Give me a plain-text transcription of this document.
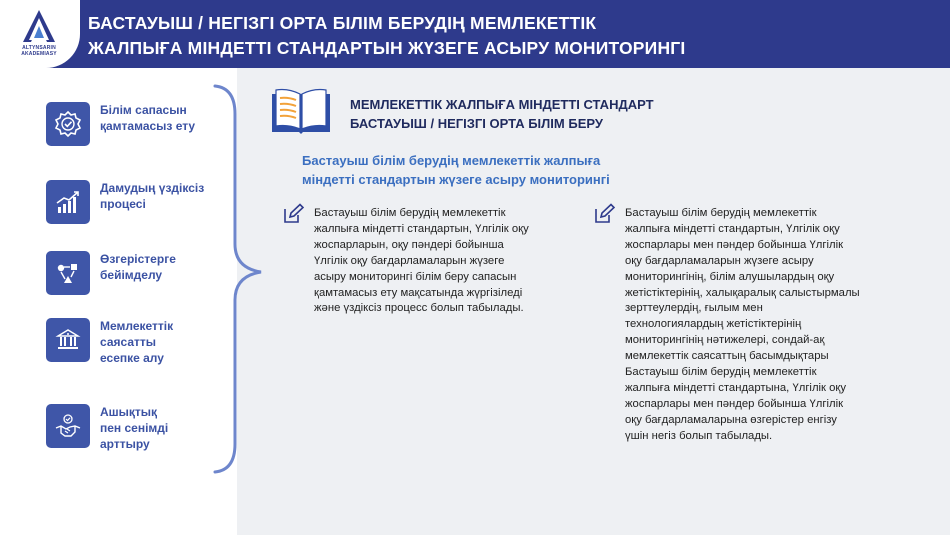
ALTYNSARIN
AKADEMIASY
БАСТАУЫШ / НЕГІЗГІ ОРТА БІЛІМ БЕРУДІҢ МЕМЛЕКЕТТІК
ЖАЛПЫҒА МІНДЕТТІ СТАНДАРТЫН ЖҮЗЕГЕ АСЫРУ МОНИТОРИНГІ
Білім сапасын
қамтамасыз ету
Дамудың үздіксіз
процесі
Өзгерістерге
бейімделу
Мемлекеттік
саясатты
есепке алу
Ашықтық
пен сенімді
арттыру
МЕМЛЕКЕТТІК ЖАЛПЫҒА МІНДЕТТІ СТАНДАРТ
БАСТАУЫШ / НЕГІЗГІ ОРТА БІЛІМ БЕРУ
Бастауыш білім берудің мемлекеттік жалпыға
міндетті стандартын жүзеге асыру мониторингі
Бастауыш білім берудің мемлекеттік
жалпыға міндетті стандартын, Үлгілік оқу
жоспарларын, оқу пәндері бойынша
Үлгілік оқу бағдарламаларын жүзеге
асыру мониторингі білім беру сапасын
қамтамасыз ету мақсатында жүргізіледі
және үздіксіз процесс болып табылады.
Бастауыш білім берудің мемлекеттік
жалпыға міндетті стандартын, Үлгілік оқу
жоспарлары мен пәндер бойынша Үлгілік
оқу бағдарламаларын жүзеге асыру
мониторингінің, білім алушылардың оқу
жетістіктерінің, халықаралық салыстырмалы
зерттеулердің, ғылым мен
технологиялардың жетістіктерінің
мониторингінің нәтижелері, сондай-ақ
мемлекеттік саясаттың басымдықтары
Бастауыш білім берудің мемлекеттік
жалпыға міндетті стандартына, Үлгілік оқу
жоспарлары мен пәндер бойынша Үлгілік
оқу бағдарламаларына өзгерістер енгізу
үшін негіз болып табылады.
